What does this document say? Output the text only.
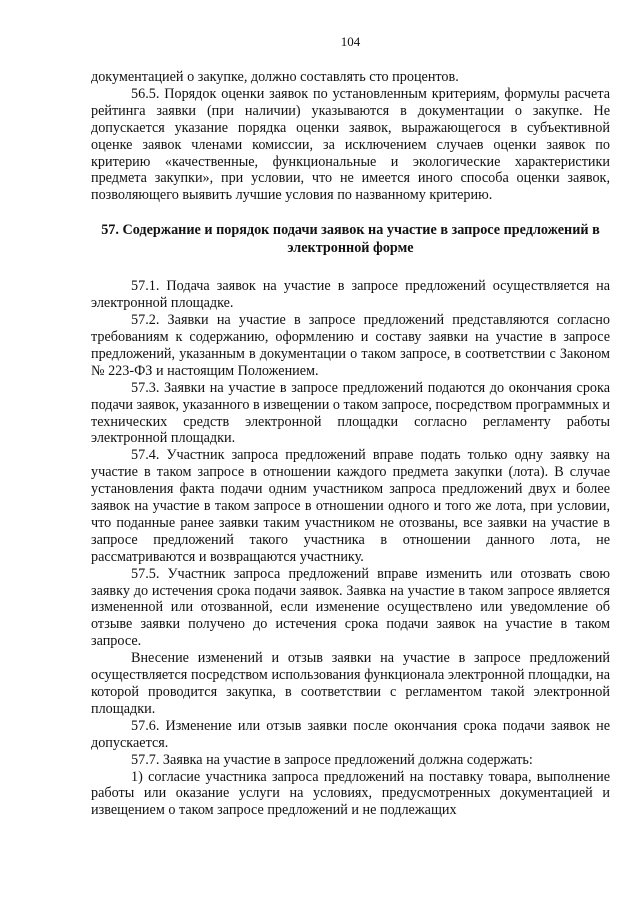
104

документацией о закупке, должно составлять сто процентов.

56.5. Порядок оценки заявок по установленным критериям, формулы расчета рейтинга заявки (при наличии) указываются в документации о закупке. Не допускается указание порядка оценки заявок, выражающегося в субъективной оценке заявок членами комиссии, за исключением случаев оценки заявок по критерию «качественные, функциональные и экологические характеристики предмета закупки», при условии, что не имеется иного способа оценки заявок, позволяющего выявить лучшие условия по названному критерию.

57. Содержание и порядок подачи заявок на участие в запросе предложений в электронной форме

57.1. Подача заявок на участие в запросе предложений осуществляется на электронной площадке.

57.2. Заявки на участие в запросе предложений представляются согласно требованиям к содержанию, оформлению и составу заявки на участие в запросе предложений, указанным в документации о таком запросе, в соответствии с Законом № 223-ФЗ и настоящим Положением.

57.3. Заявки на участие в запросе предложений подаются до окончания срока подачи заявок, указанного в извещении о таком запросе, посредством программных и технических средств электронной площадки согласно регламенту работы электронной площадки.

57.4. Участник запроса предложений вправе подать только одну заявку на участие в таком запросе в отношении каждого предмета закупки (лота). В случае установления факта подачи одним участником запроса предложений двух и более заявок на участие в таком запросе в отношении одного и того же лота, при условии, что поданные ранее заявки таким участником не отозваны, все заявки на участие в запросе предложений такого участника в отношении данного лота, не рассматриваются и возвращаются участнику.

57.5. Участник запроса предложений вправе изменить или отозвать свою заявку до истечения срока подачи заявок. Заявка на участие в таком запросе является измененной или отозванной, если изменение осуществлено или уведомление об отзыве заявки получено до истечения срока подачи заявок на участие в таком запросе.

Внесение изменений и отзыв заявки на участие в запросе предложений осуществляется посредством использования функционала электронной площадки, на которой проводится закупка, в соответствии с регламентом такой электронной площадки.

57.6. Изменение или отзыв заявки после окончания срока подачи заявок не допускается.

57.7. Заявка на участие в запросе предложений должна содержать:

1) согласие участника запроса предложений на поставку товара, выполнение работы или оказание услуги на условиях, предусмотренных документацией и извещением о таком запросе предложений и не подлежащих
